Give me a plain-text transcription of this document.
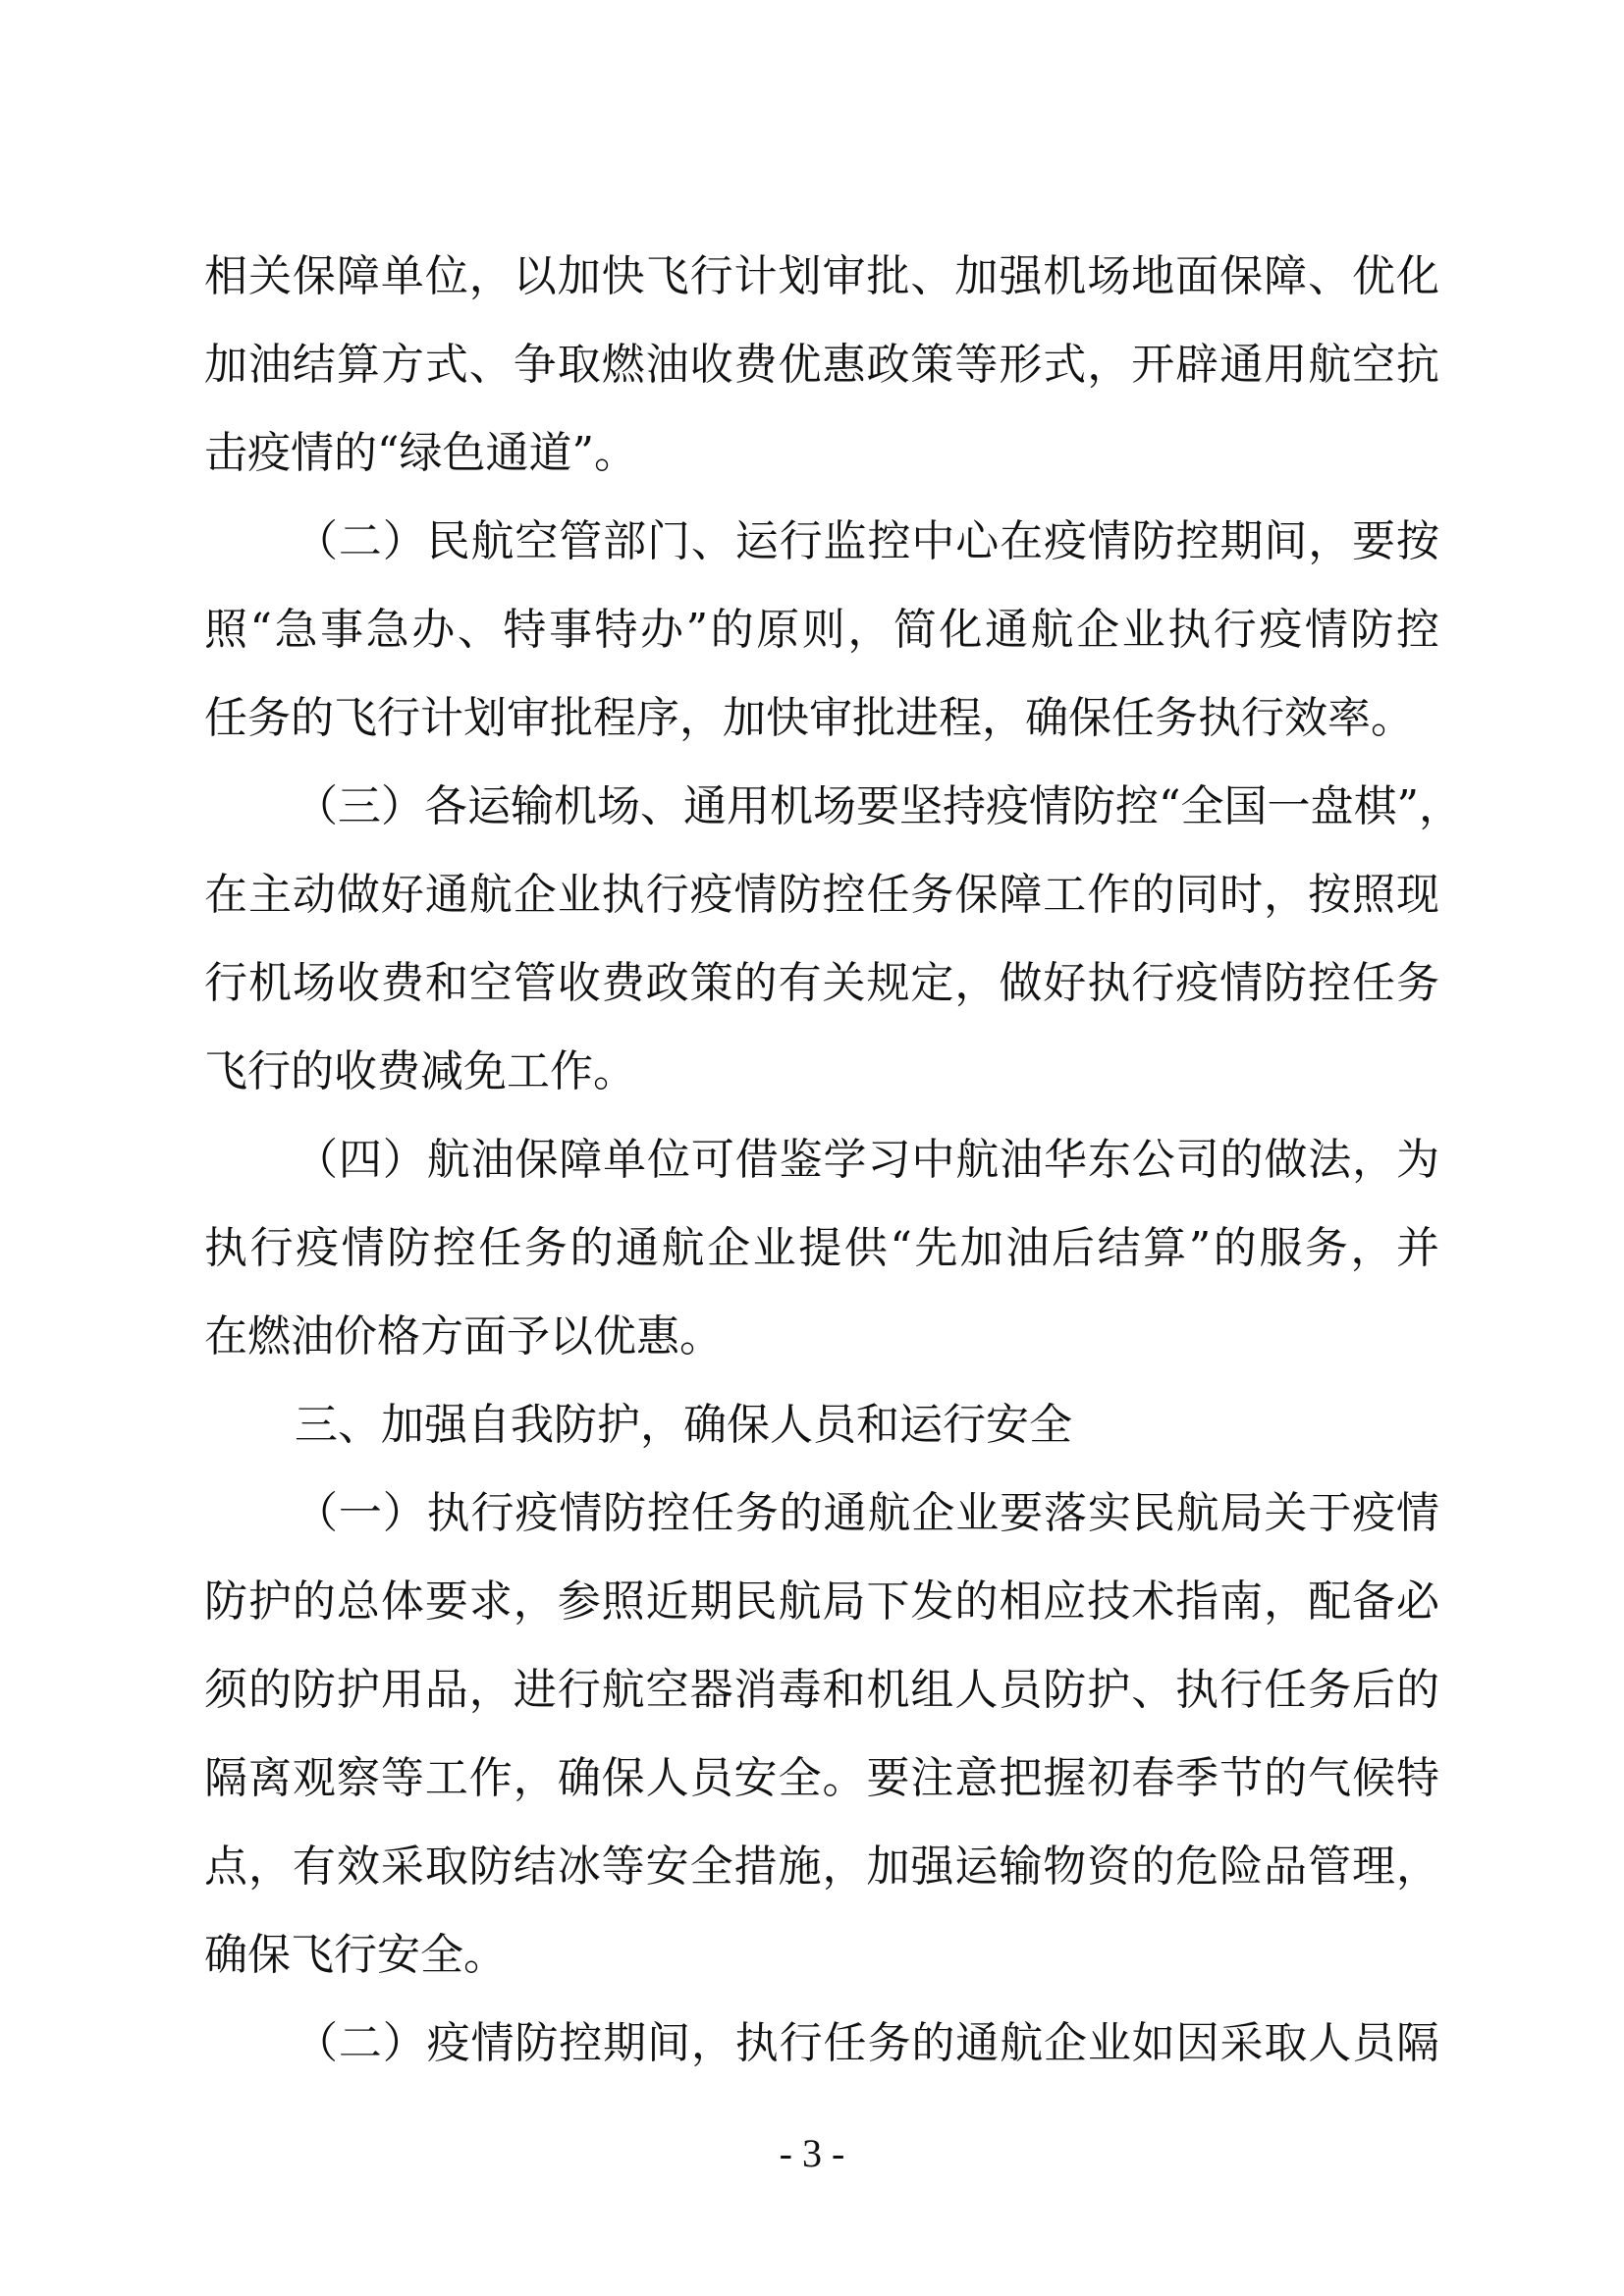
相关保障单位，以加快飞行计划审批、加强机场地面保障、优化
加油结算方式、争取燃油收费优惠政策等形式，开辟通用航空抗
击疫情的“绿色通道”。
（二）民航空管部门、运行监控中心在疫情防控期间，要按
照“急事急办、特事特办”的原则，简化通航企业执行疫情防控
任务的飞行计划审批程序，加快审批进程，确保任务执行效率。
（三）各运输机场、通用机场要坚持疫情防控“全国一盘棋”，
在主动做好通航企业执行疫情防控任务保障工作的同时，按照现
行机场收费和空管收费政策的有关规定，做好执行疫情防控任务
飞行的收费减免工作。
（四）航油保障单位可借鉴学习中航油华东公司的做法，为
执行疫情防控任务的通航企业提供“先加油后结算”的服务，并
在燃油价格方面予以优惠。
三、加强自我防护，确保人员和运行安全
（一）执行疫情防控任务的通航企业要落实民航局关于疫情
防护的总体要求，参照近期民航局下发的相应技术指南，配备必
须的防护用品，进行航空器消毒和机组人员防护、执行任务后的
隔离观察等工作，确保人员安全。要注意把握初春季节的气候特
点，有效采取防结冰等安全措施，加强运输物资的危险品管理，
确保飞行安全。
（二）疫情防控期间，执行任务的通航企业如因采取人员隔
- 3 -
